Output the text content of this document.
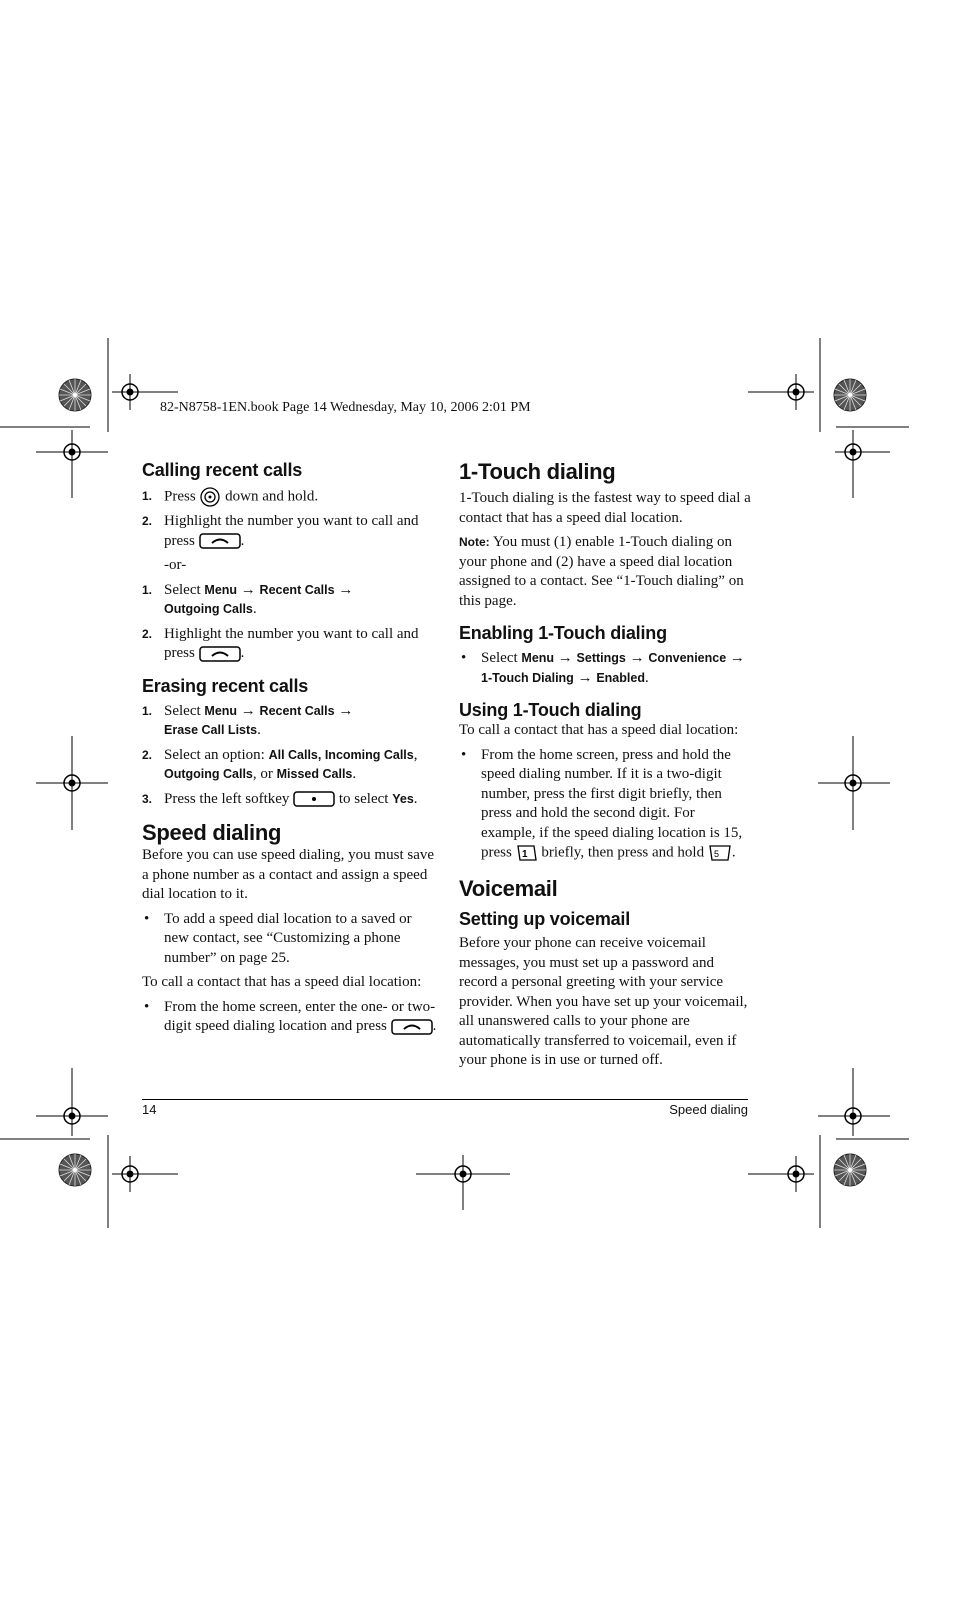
82-N8758-1EN.book Page 14 Wednesday, May 10, 2006 2:01 PM
Calling recent calls
1. Press down and hold.
2. Highlight the number you want to call and press	.
-or-
1. Select Menu → Recent Calls →
Outgoing Calls.
2. Highlight the number you want to call and press	.
Erasing recent calls
1. Select Menu → Recent Calls →
Erase Call Lists.
2. Select an option: All Calls, Incoming Calls,
Outgoing Calls, or Missed Calls.
3. Press the left softkey	to select Yes.
Speed dialing

Before you can use speed dialing, you must save a phone number as a contact and assign a speed dial location to it.

• To add a speed dial location to a saved or new contact, see “Customizing a phone number” on page 25.

To call a contact that has a speed dial location:

• From the home screen, enter the one- or two-digit speed dialing location and press	.
1-Touch dialing

1-Touch dialing is the fastest way to speed dial a contact that has a speed dial location.

Note: You must (1) enable 1-Touch dialing on your phone and (2) have a speed dial location assigned to a contact. See “1-Touch dialing” on this page.

Enabling 1-Touch dialing
• Select Menu → Settings → Convenience →
1-Touch Dialing → Enabled.
Using 1-Touch dialing

To call a contact that has a speed dial location:

• From the home screen, press and hold the speed dialing number. If it is a two-digit number, press the first digit briefly, then press and hold the second digit. For example, if the speed dialing location is 15, press 1 briefly, then press and hold 5 .
Voicemail
Setting up voicemail

Before your phone can receive voicemail messages, you must set up a password and record a personal greeting with your service provider. When you have set up your voicemail, all unanswered calls to your phone are automatically transferred to voicemail, even if your phone is in use or turned off.

14	Speed dialing
